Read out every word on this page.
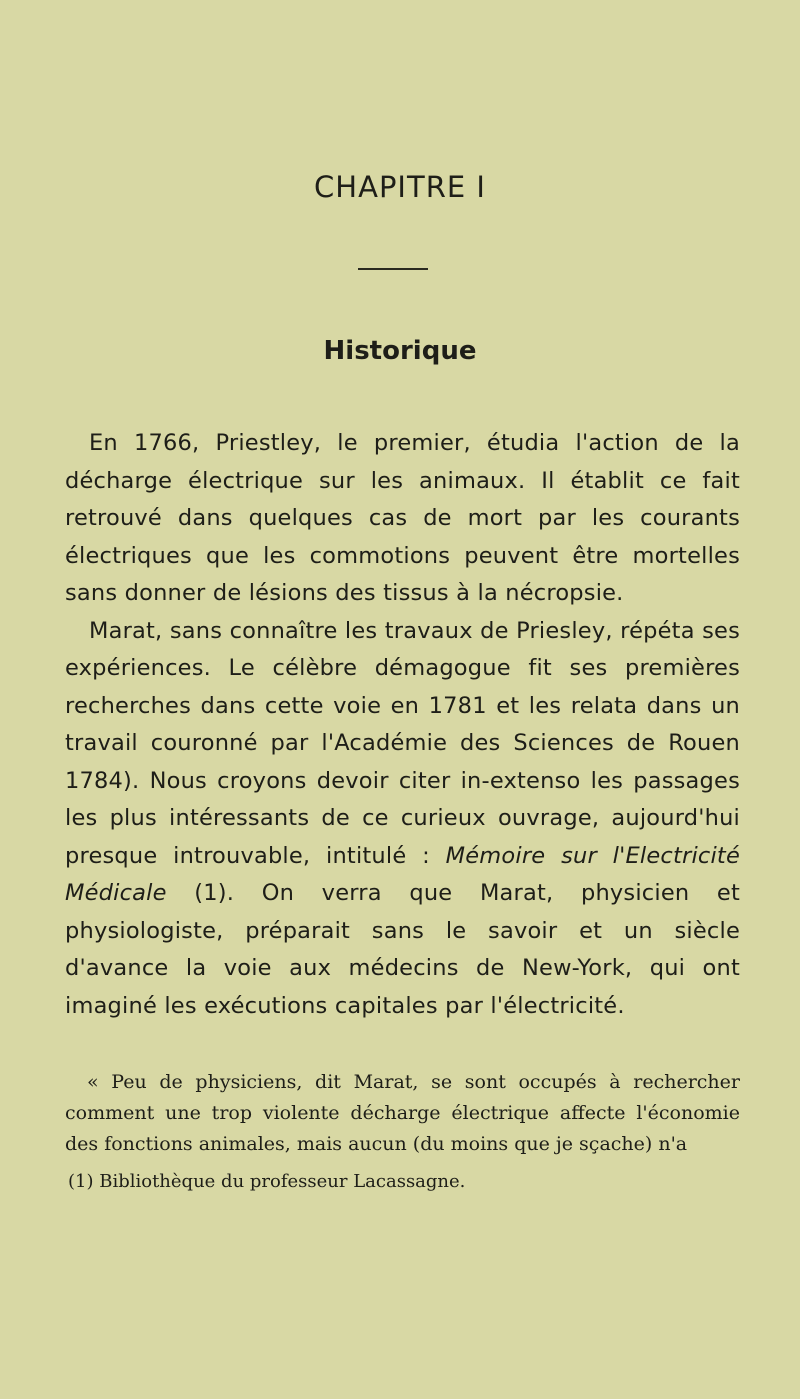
CHAPITRE I
Historique

En 1766, Priestley, le premier, étudia l'action de la décharge électrique sur les animaux. Il établit ce fait retrouvé dans quelques cas de mort par les courants électriques que les commotions peuvent être mortelles sans donner de lésions des tissus à la nécropsie.

Marat, sans connaître les travaux de Priesley, répéta ses expériences. Le célèbre démagogue fit ses premières recherches dans cette voie en 1781 et les relata dans un travail couronné par l'Académie des Sciences de Rouen 1784). Nous croyons devoir citer in-extenso les passages les plus intéressants de ce curieux ouvrage, aujourd'hui presque introuvable, intitulé : Mémoire sur l'Electricité Médicale (1). On verra que Marat, physicien et physiologiste, préparait sans le savoir et un siècle d'avance la voie aux médecins de New-York, qui ont imaginé les exécutions capitales par l'électricité.

« Peu de physiciens, dit Marat, se sont occupés à rechercher comment une trop violente décharge électrique affecte l'économie des fonctions animales, mais aucun (du moins que je sçache) n'a
(1) Bibliothèque du professeur Lacassagne.
